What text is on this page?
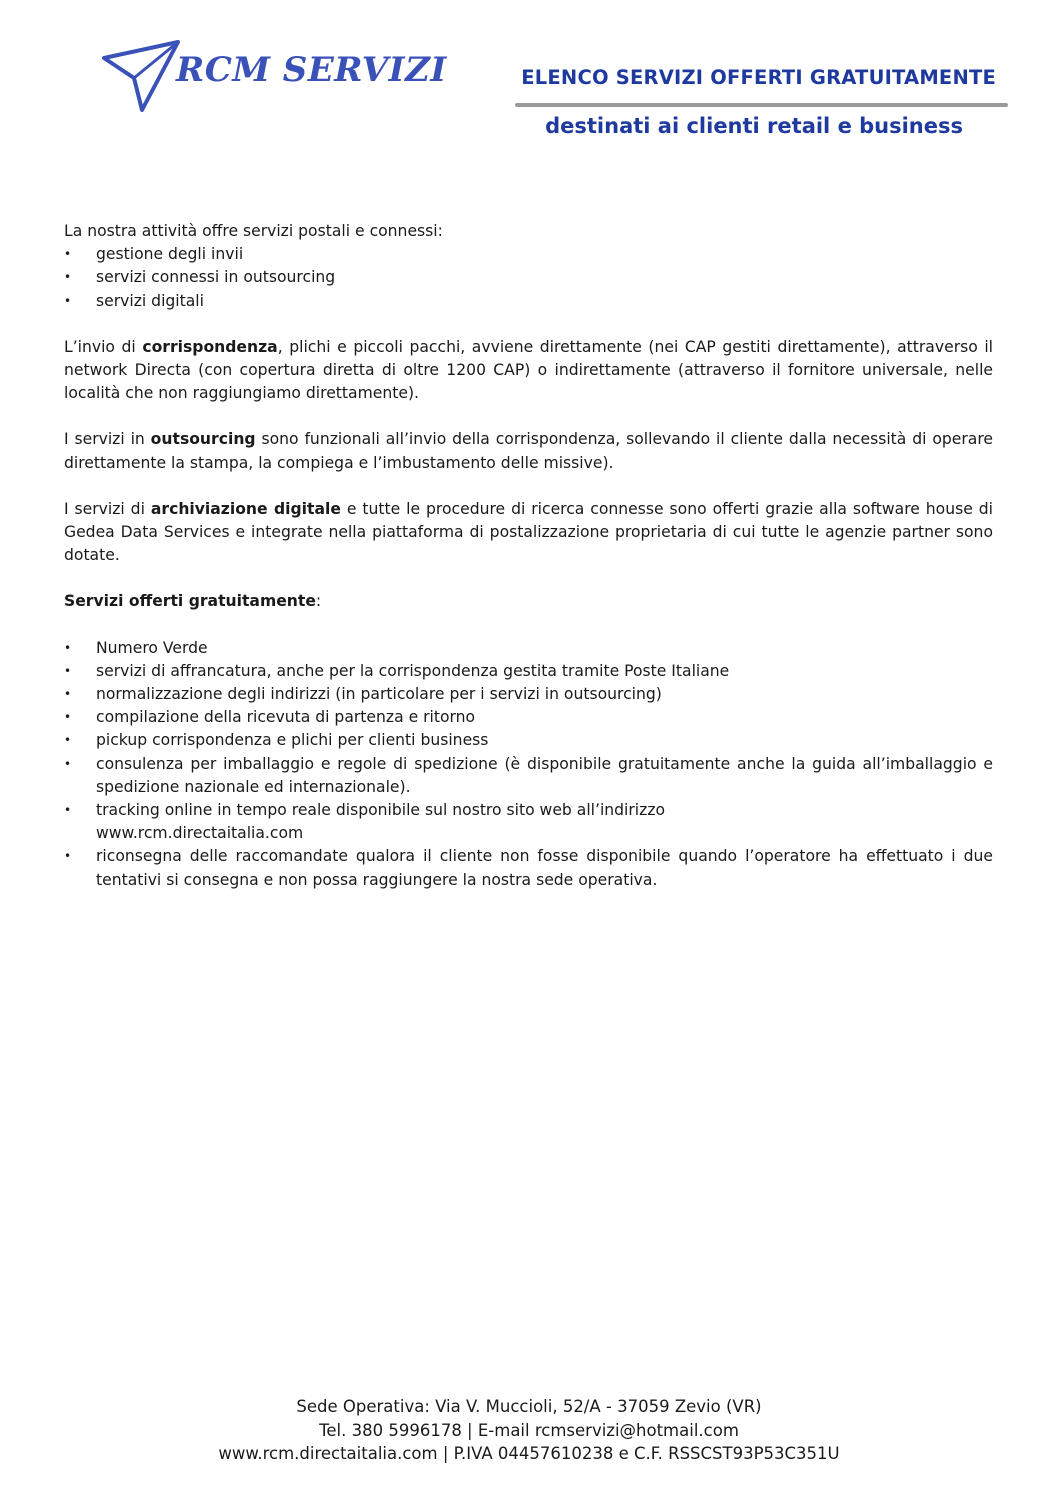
RCM SERVIZI	ELENCO SERVIZI OFFERTI GRATUITAMENTE
destinati ai clienti retail e business

La nostra attività offre servizi postali e connessi:

• gestione degli invii
• servizi connessi in outsourcing
• servizi digitali

L’invio di corrispondenza, plichi e piccoli pacchi, avviene direttamente (nei CAP gestiti direttamente), attraverso il network Directa (con copertura diretta di oltre 1200 CAP) o indirettamente (attraverso il fornitore universale, nelle località che non raggiungiamo direttamente).

I servizi in outsourcing sono funzionali all’invio della corrispondenza, sollevando il cliente dalla necessità di operare direttamente la stampa, la compiega e l’imbustamento delle missive).

I servizi di archiviazione digitale e tutte le procedure di ricerca connesse sono offerti grazie alla software house di Gedea Data Services e integrate nella piattaforma di postalizzazione proprietaria di cui tutte le agenzie partner sono dotate.

Servizi offerti gratuitamente:

• Numero Verde
• servizi di affrancatura, anche per la corrispondenza gestita tramite Poste Italiane
• normalizzazione degli indirizzi (in particolare per i servizi in outsourcing)
• compilazione della ricevuta di partenza e ritorno
• pickup corrispondenza e plichi per clienti business
• consulenza per imballaggio e regole di spedizione (è disponibile gratuitamente anche la guida all’imballaggio e spedizione nazionale ed internazionale).
• tracking online in tempo reale disponibile sul nostro sito web all’indirizzo
www.rcm.directaitalia.com
• riconsegna delle raccomandate qualora il cliente non fosse disponibile quando l’operatore ha effettuato i due tentativi si consegna e non possa raggiungere la nostra sede operativa.
Sede Operativa: Via V. Muccioli, 52/A - 37059 Zevio (VR)
Tel. 380 5996178 | E-mail rcmservizi@hotmail.com
www.rcm.directaitalia.com | P.IVA 04457610238 e C.F. RSSCST93P53C351U
